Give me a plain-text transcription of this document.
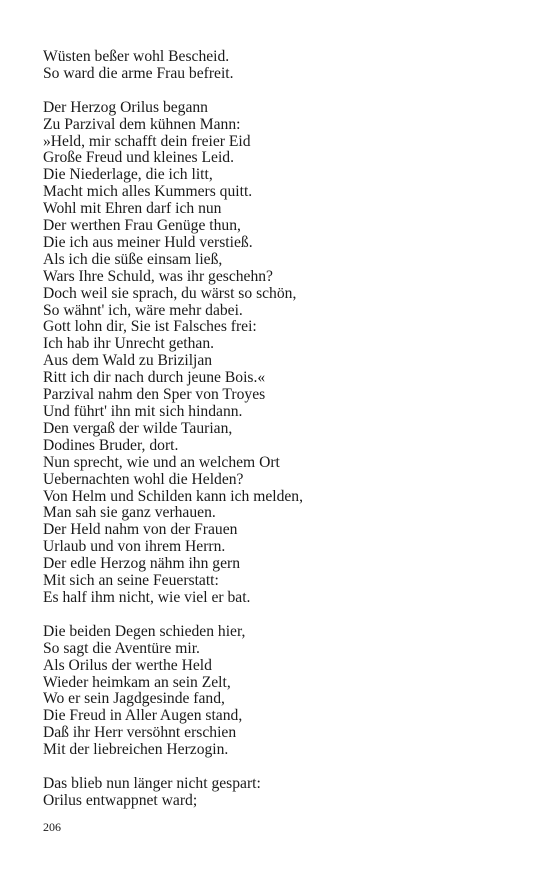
Wüsten beßer wohl Bescheid.
So ward die arme Frau befreit.
Der Herzog Orilus begann
Zu Parzival dem kühnen Mann:
»Held, mir schafft dein freier Eid
Große Freud und kleines Leid.
Die Niederlage, die ich litt,
Macht mich alles Kummers quitt.
Wohl mit Ehren darf ich nun
Der werthen Frau Genüge thun,
Die ich aus meiner Huld verstieß.
Als ich die süße einsam ließ,
Wars Ihre Schuld, was ihr geschehn?
Doch weil sie sprach, du wärst so schön,
So wähnt' ich, wäre mehr dabei.
Gott lohn dir, Sie ist Falsches frei:
Ich hab ihr Unrecht gethan.
Aus dem Wald zu Briziljan
Ritt ich dir nach durch jeune Bois.«
Parzival nahm den Sper von Troyes
Und führt' ihn mit sich hindann.
Den vergaß der wilde Taurian,
Dodines Bruder, dort.
Nun sprecht, wie und an welchem Ort
Uebernachten wohl die Helden?
Von Helm und Schilden kann ich melden,
Man sah sie ganz verhauen.
Der Held nahm von der Frauen
Urlaub und von ihrem Herrn.
Der edle Herzog nähm ihn gern
Mit sich an seine Feuerstatt:
Es half ihm nicht, wie viel er bat.
Die beiden Degen schieden hier,
So sagt die Aventüre mir.
Als Orilus der werthe Held
Wieder heimkam an sein Zelt,
Wo er sein Jagdgesinde fand,
Die Freud in Aller Augen stand,
Daß ihr Herr versöhnt erschien
Mit der liebreichen Herzogin.
Das blieb nun länger nicht gespart:
Orilus entwappnet ward;
206
